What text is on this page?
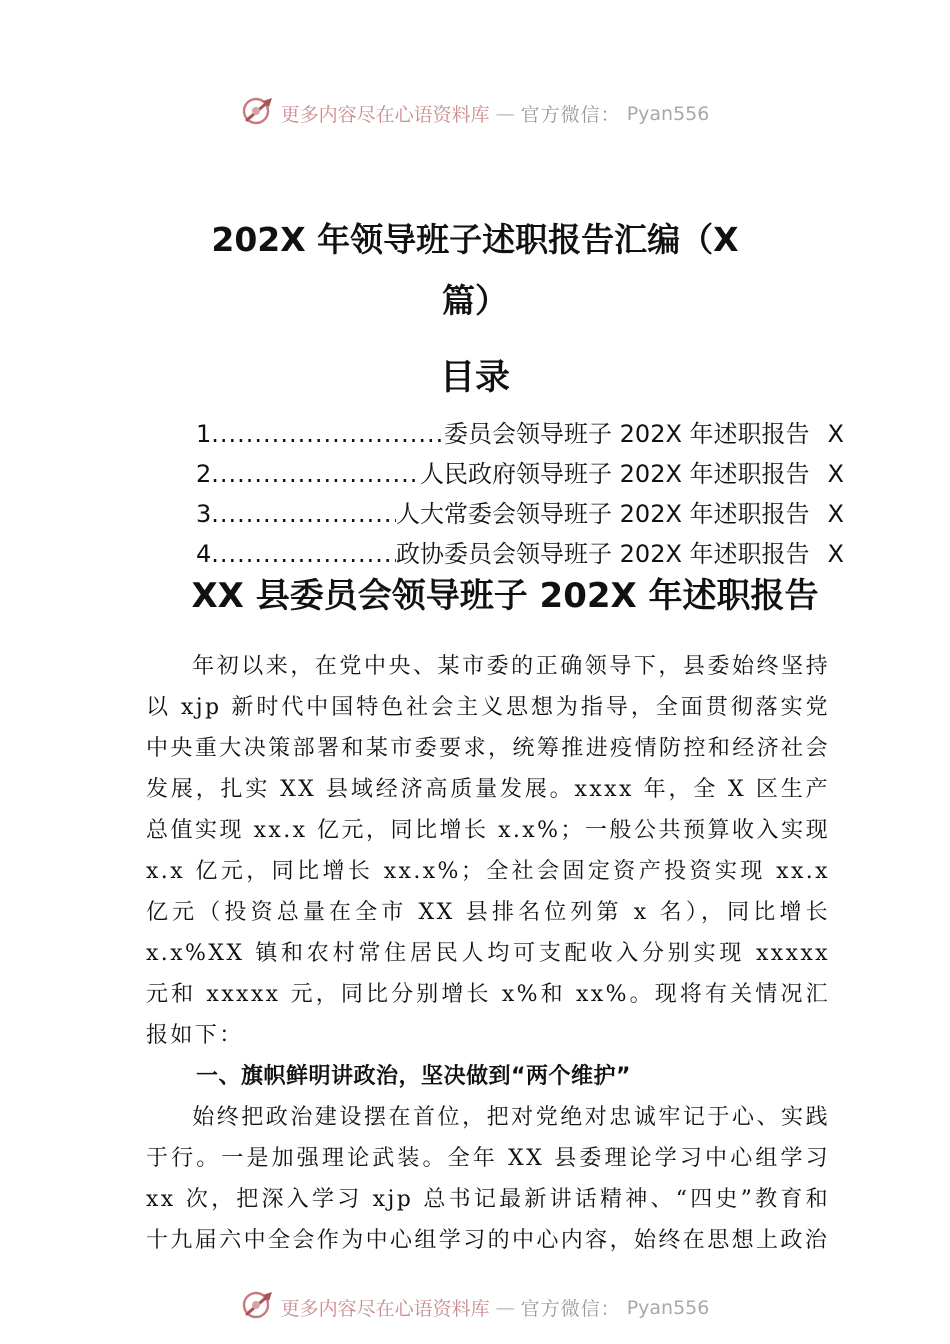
更多内容尽在心语资料库 — 官方微信： Pyan556
202X 年领导班子述职报告汇编（X
篇）
目录
1 .....	委员会领导班子 202X 年述职报告 X
2 .....	人民政府领导班子 202X 年述职报告 X
3 .....	人大常委会领导班子 202X 年述职报告 X
4 .....	政协委员会领导班子 202X 年述职报告 X
XX 县委员会领导班子 202X 年述职报告

年初以来，在党中央、某市委的正确领导下，县委始终坚持以 xjp 新时代中国特色社会主义思想为指导，全面贯彻落实党中央重大决策部署和某市委要求，统筹推进疫情防控和经济社会发展，扎实 XX 县域经济高质量发展。xxxx 年，全 X 区生产总值实现 xx.x 亿元，同比增长 x.x%；一般公共预算收入实现 x.x 亿元，同比增长 xx.x%；全社会固定资产投资实现 xx.x 亿元（投资总量在全市 XX 县排名位列第 x 名），同比增长 x.x%XX 镇和农村常住居民人均可支配收入分别实现 xxxxx 元和 xxxxx 元，同比分别增长 x%和 xx%。现将有关情况汇报如下：

一、旗帜鲜明讲政治，坚决做到“两个维护”

始终把政治建设摆在首位，把对党绝对忠诚牢记于心、实践于行。一是加强理论武装。全年 XX 县委理论学习中心组学习 xx 次，把深入学习 xjp 总书记最新讲话精神、“四史”教育和十九届六中全会作为中心组学习的中心内容，始终在思想上政治

更多内容尽在心语资料库 — 官方微信： Pyan556
